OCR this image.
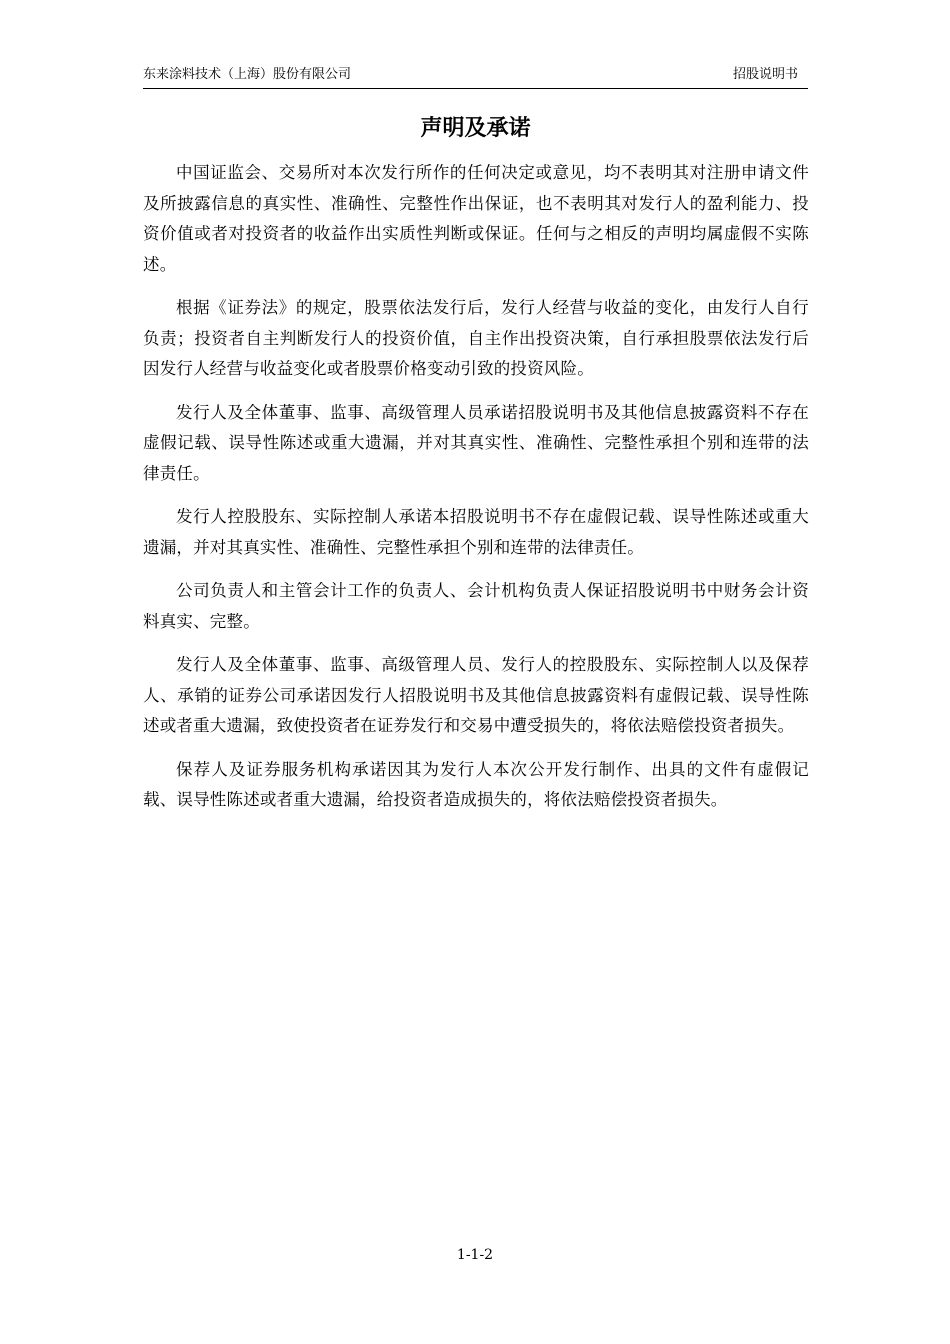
东来涂料技术（上海）股份有限公司	招股说明书
声明及承诺

中国证监会、交易所对本次发行所作的任何决定或意见，均不表明其对注册申请文件及所披露信息的真实性、准确性、完整性作出保证，也不表明其对发行人的盈利能力、投资价值或者对投资者的收益作出实质性判断或保证。任何与之相反的声明均属虚假不实陈述。

根据《证券法》的规定，股票依法发行后，发行人经营与收益的变化，由发行人自行负责；投资者自主判断发行人的投资价值，自主作出投资决策，自行承担股票依法发行后因发行人经营与收益变化或者股票价格变动引致的投资风险。

发行人及全体董事、监事、高级管理人员承诺招股说明书及其他信息披露资料不存在虚假记载、误导性陈述或重大遗漏，并对其真实性、准确性、完整性承担个别和连带的法律责任。

发行人控股股东、实际控制人承诺本招股说明书不存在虚假记载、误导性陈述或重大遗漏，并对其真实性、准确性、完整性承担个别和连带的法律责任。

公司负责人和主管会计工作的负责人、会计机构负责人保证招股说明书中财务会计资料真实、完整。

发行人及全体董事、监事、高级管理人员、发行人的控股股东、实际控制人以及保荐人、承销的证券公司承诺因发行人招股说明书及其他信息披露资料有虚假记载、误导性陈述或者重大遗漏，致使投资者在证券发行和交易中遭受损失的，将依法赔偿投资者损失。

保荐人及证券服务机构承诺因其为发行人本次公开发行制作、出具的文件有虚假记载、误导性陈述或者重大遗漏，给投资者造成损失的，将依法赔偿投资者损失。

1-1-2
